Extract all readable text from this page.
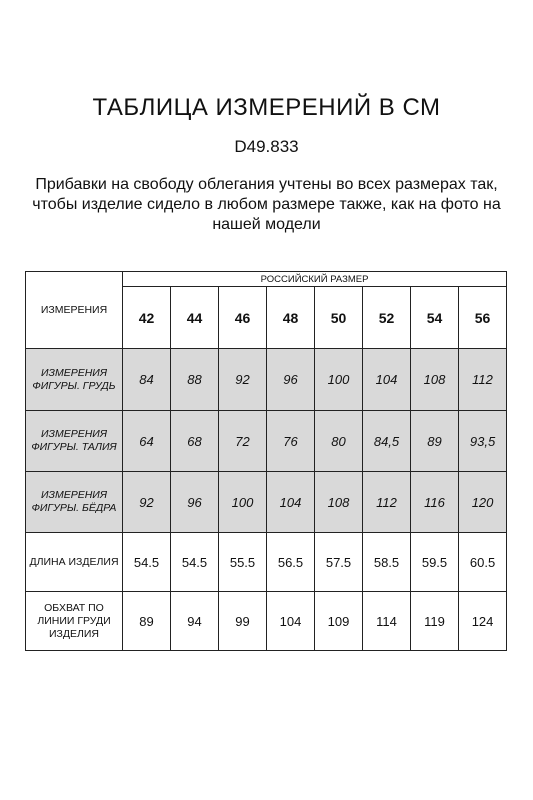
ТАБЛИЦА ИЗМЕРЕНИЙ В СМ
D49.833
Прибавки на свободу облегания учтены во всех размерах так, чтобы изделие сидело в любом размере также, как на фото на нашей модели
ИЗМЕРЕНИЯ	РОССИЙСКИЙ РАЗМЕР							
	42	44	46	48	50	52	54	56
ИЗМЕРЕНИЯ ФИГУРЫ. ГРУДЬ	84	88	92	96	100	104	108	112
ИЗМЕРЕНИЯ ФИГУРЫ. ТАЛИЯ	64	68	72	76	80	84,5	89	93,5
ИЗМЕРЕНИЯ ФИГУРЫ. БЁДРА	92	96	100	104	108	112	116	120
ДЛИНА ИЗДЕЛИЯ	54.5	54.5	55.5	56.5	57.5	58.5	59.5	60.5
ОБХВАТ ПО ЛИНИИ ГРУДИ ИЗДЕЛИЯ	89	94	99	104	109	114	119	124
